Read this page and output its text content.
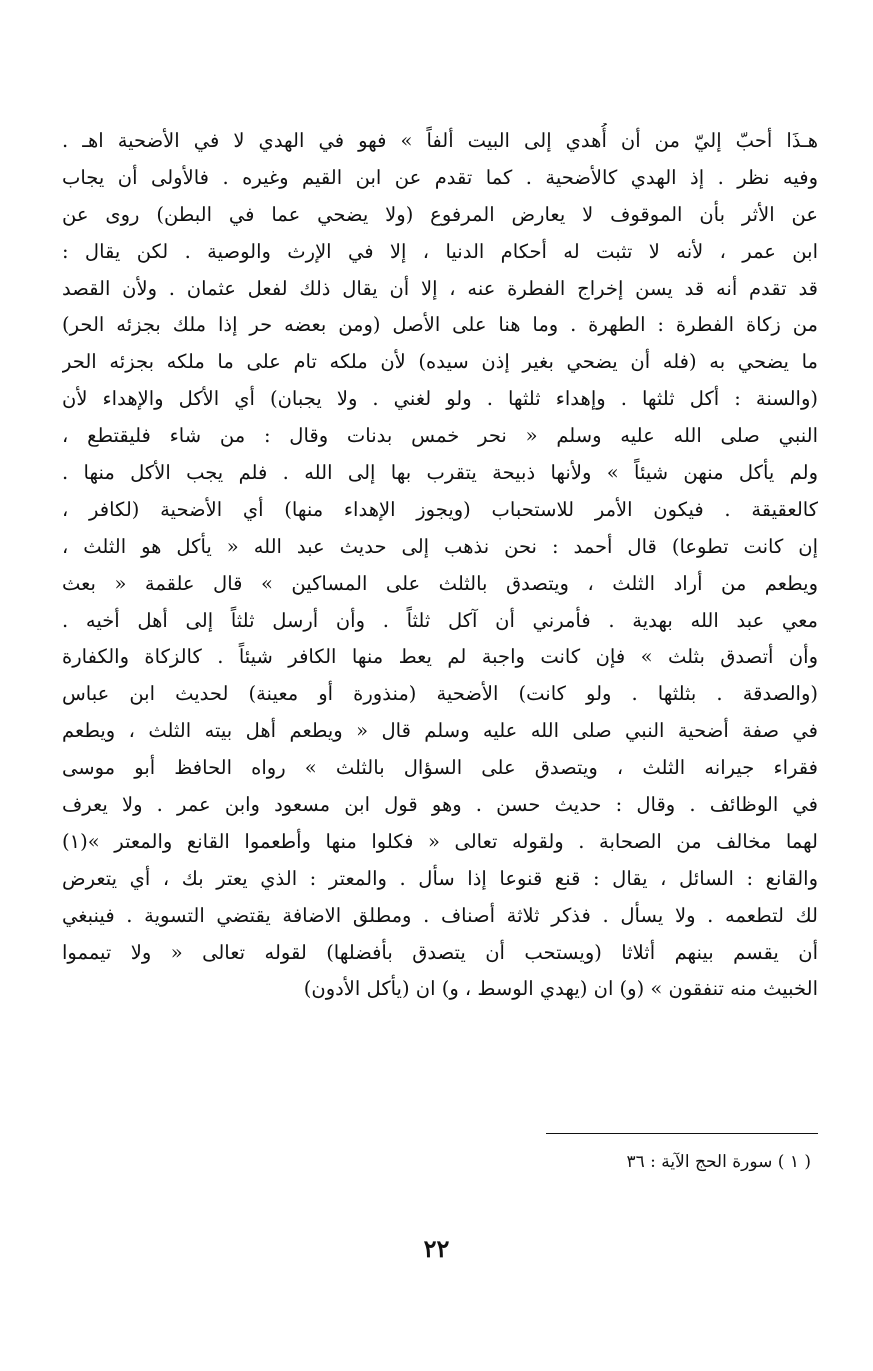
هـذَا أحبّ إليّ من أن أُهدي إلى البيت ألفاً » فهو في الهدي لا في الأضحية اهـ .
وفيه نظر . إذ الهدي كالأضحية . كما تقدم عن ابن القيم وغيره . فالأولى أن يجاب
عن الأثر بأن الموقوف لا يعارض المرفوع (ولا يضحي عما في البطن) روى عن
ابن عمر ، لأنه لا تثبت له أحكام الدنيا ، إلا في الإرث والوصية . لكن يقال :
قد تقدم أنه قد يسن إخراج الفطرة عنه ، إلا أن يقال ذلك لفعل عثمان . ولأن القصد
من زكاة الفطرة : الطهرة . وما هنا على الأصل (ومن بعضه حر إذا ملك بجزئه الحر)
ما يضحي به (فله أن يضحي بغير إذن سيده) لأن ملكه تام على ما ملكه بجزئه الحر
(والسنة : أكل ثلثها . وإهداء ثلثها . ولو لغني . ولا يجبان) أي الأكل والإهداء لأن
النبي صلى الله عليه وسلم « نحر خمس بدنات وقال : من شاء فليقتطع ،
ولم يأكل منهن شيئاً » ولأنها ذبيحة يتقرب بها إلى الله . فلم يجب الأكل منها .
كالعقيقة . فيكون الأمر للاستحباب (ويجوز الإهداء منها) أي الأضحية (لكافر ،
إن كانت تطوعا) قال أحمد : نحن نذهب إلى حديث عبد الله « يأكل هو الثلث ،
ويطعم من أراد الثلث ، ويتصدق بالثلث على المساكين » قال علقمة « بعث
معي عبد الله بهدية . فأمرني أن آكل ثلثاً . وأن أرسل ثلثاً إلى أهل أخيه .
وأن أتصدق بثلث » فإن كانت واجبة لم يعط منها الكافر شيئاً . كالزكاة والكفارة
(والصدقة . بثلثها . ولو كانت) الأضحية (منذورة أو معينة) لحديث ابن عباس
في صفة أضحية النبي صلى الله عليه وسلم قال « ويطعم أهل بيته الثلث ، ويطعم
فقراء جيرانه الثلث ، ويتصدق على السؤال بالثلث » رواه الحافظ أبو موسى
في الوظائف . وقال : حديث حسن . وهو قول ابن مسعود وابن عمر . ولا يعرف
لهما مخالف من الصحابة . ولقوله تعالى « فكلوا منها وأطعموا القانع والمعتر »(١)
والقانع : السائل ، يقال : قنع قنوعا إذا سأل . والمعتر : الذي يعتر بك ، أي يتعرض
لك لتطعمه . ولا يسأل . فذكر ثلاثة أصناف . ومطلق الاضافة يقتضي التسوية . فينبغي
أن يقسم بينهم أثلاثا (ويستحب أن يتصدق بأفضلها) لقوله تعالى « ولا تيمموا
الخبيث منه تنفقون » (و) ان (يهدي الوسط ، و) ان (يأكل الأدون)
( ١ ) سورة الحج الآية : ٣٦
٢٢
